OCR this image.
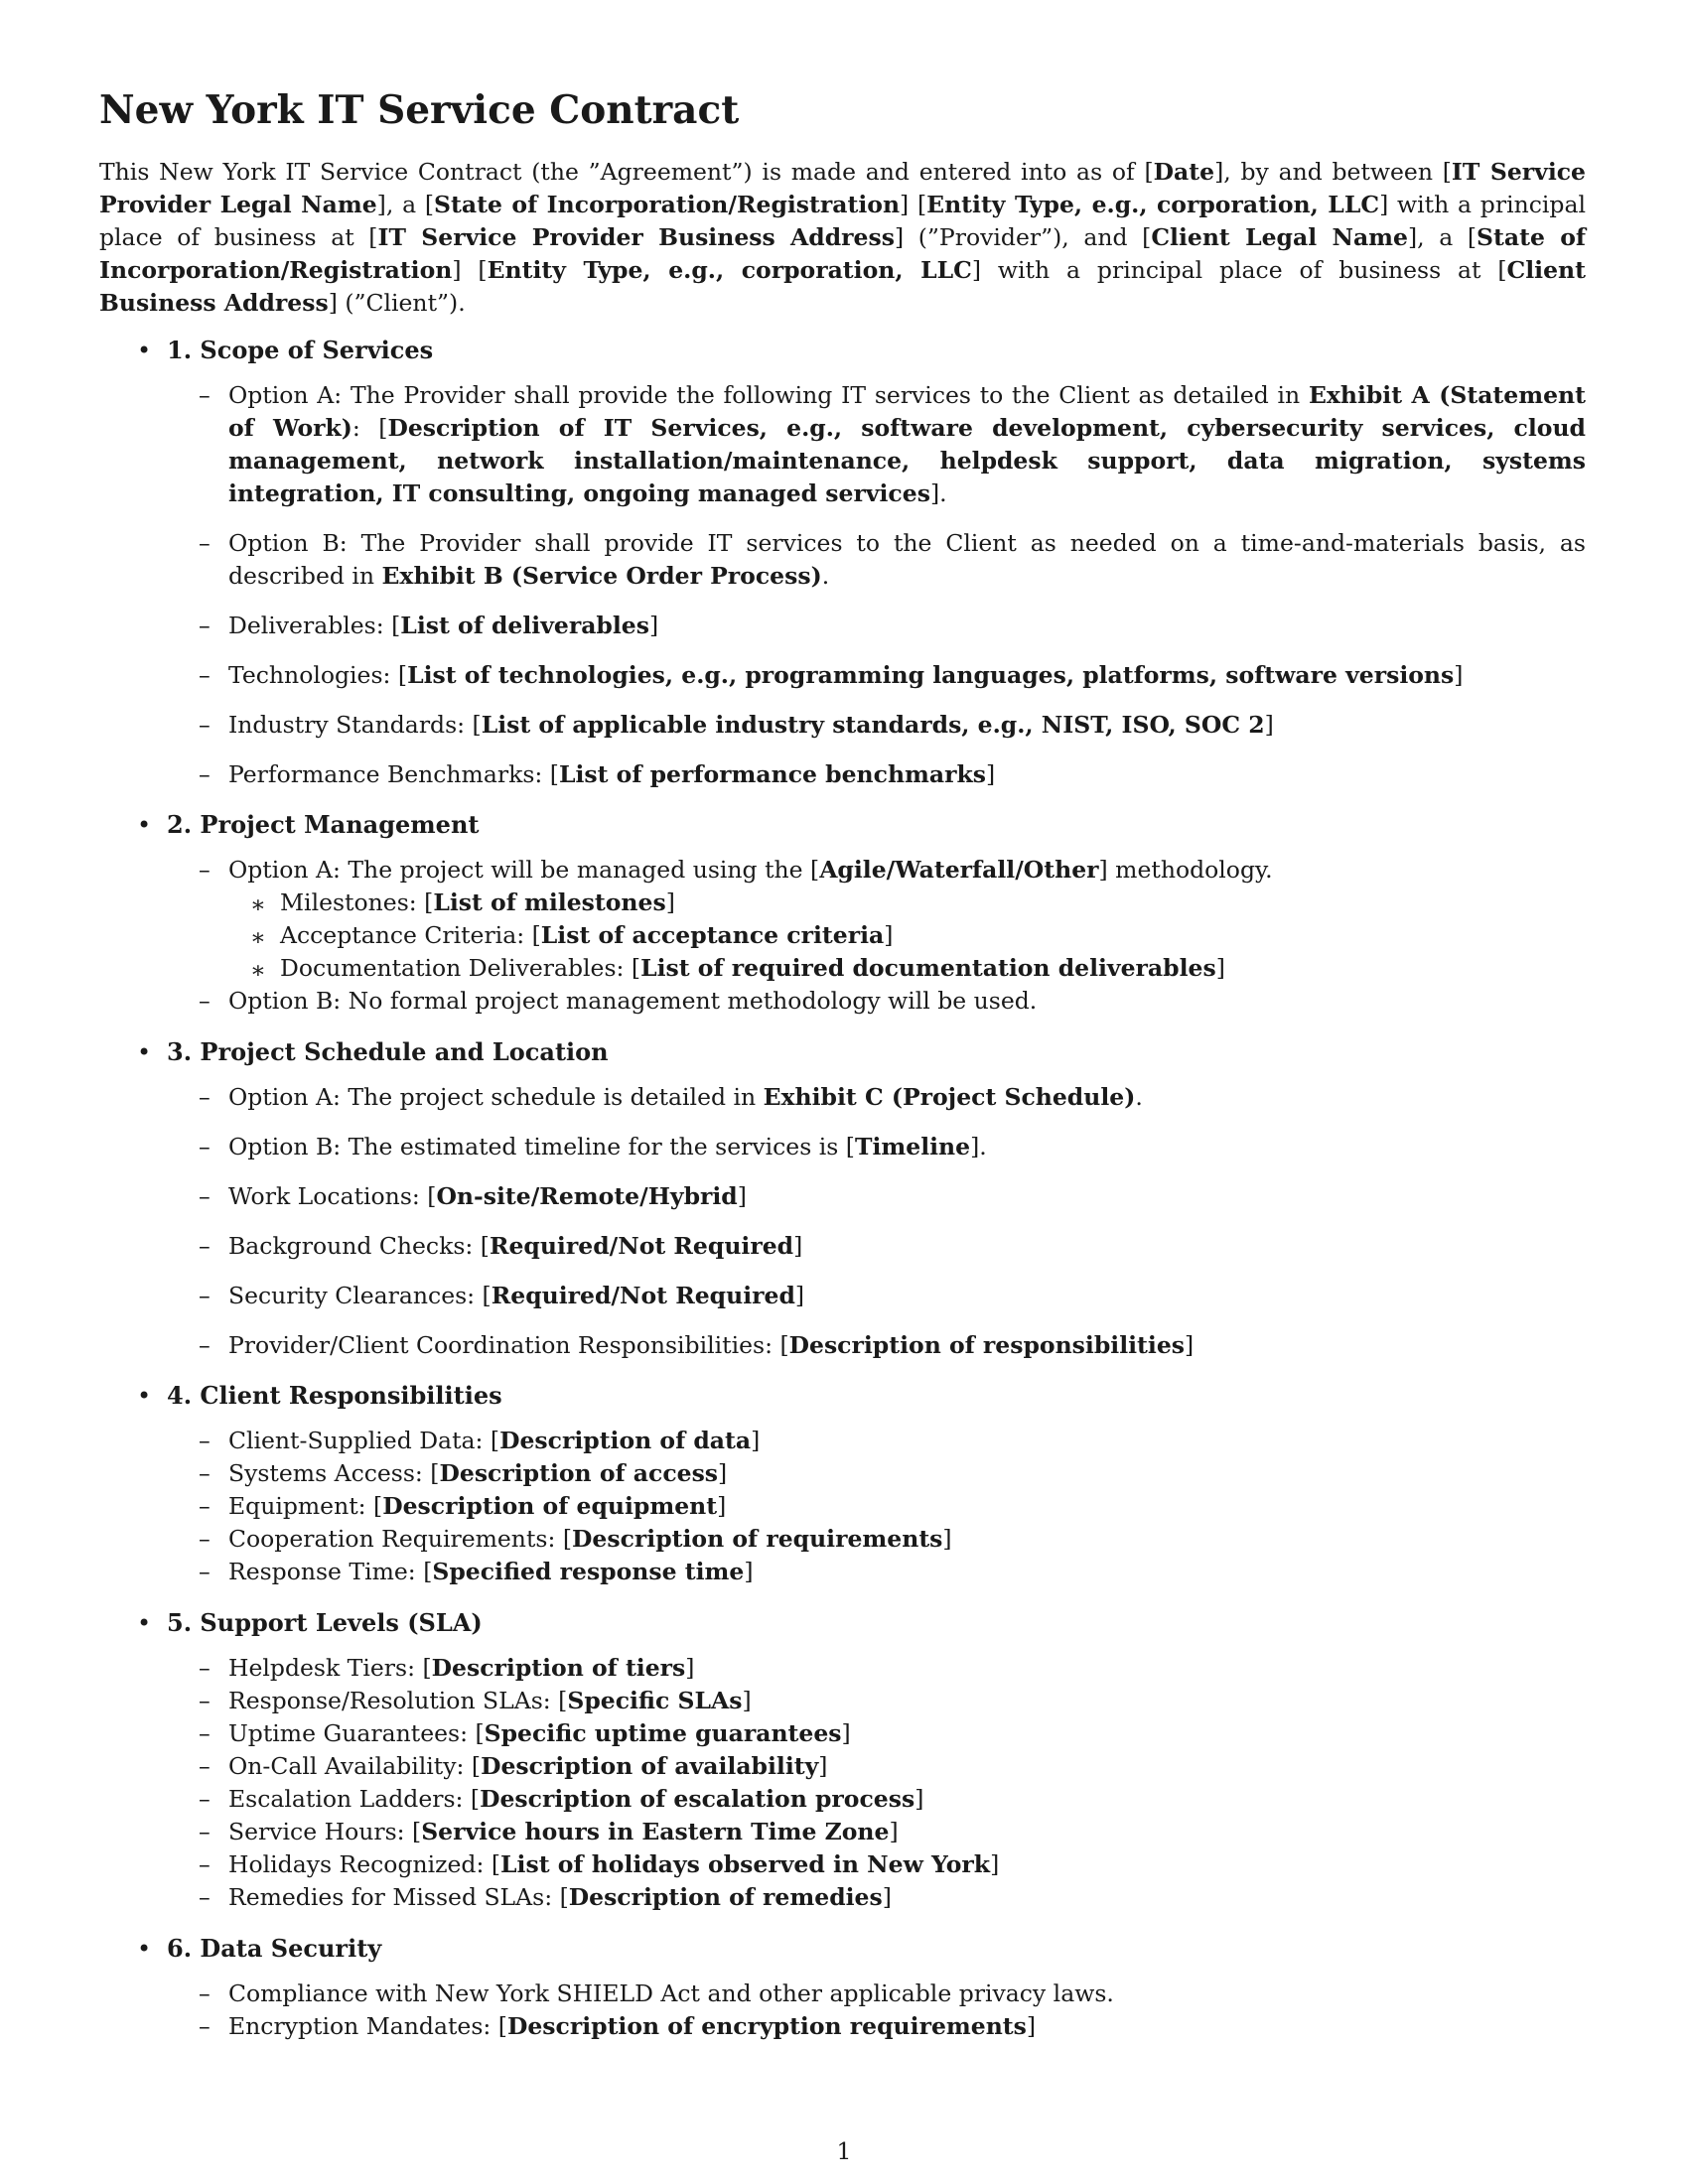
New York IT Service Contract

This New York IT Service Contract (the ”Agreement”) is made and entered into as of [Date], by and between [IT Service Provider Legal Name], a [State of Incorporation/Registration] [Entity Type, e.g., corporation, LLC] with a principal place of business at [IT Service Provider Business Address] (”Provider”), and [Client Legal Name], a [State of Incorporation/Registration] [Entity Type, e.g., corporation, LLC] with a principal place of business at [Client Business Address] (”Client”).

• 1. Scope of Services
– Option A: The Provider shall provide the following IT services to the Client as detailed in Exhibit A (Statement of Work): [Description of IT Services, e.g., software development, cybersecurity services, cloud management, network installation/maintenance, helpdesk support, data migration, systems integration, IT consulting, ongoing managed services].
– Option B: The Provider shall provide IT services to the Client as needed on a time-and-materials basis, as described in Exhibit B (Service Order Process).
– Deliverables: [List of deliverables]
– Technologies: [List of technologies, e.g., programming languages, platforms, software versions]
– Industry Standards: [List of applicable industry standards, e.g., NIST, ISO, SOC 2]
– Performance Benchmarks: [List of performance benchmarks]
• 2. Project Management
– Option A: The project will be managed using the [Agile/Waterfall/Other] methodology.
∗ Milestones: [List of milestones]
∗ Acceptance Criteria: [List of acceptance criteria]
∗ Documentation Deliverables: [List of required documentation deliverables]
– Option B: No formal project management methodology will be used.
• 3. Project Schedule and Location
– Option A: The project schedule is detailed in Exhibit C (Project Schedule).
– Option B: The estimated timeline for the services is [Timeline].
– Work Locations: [On-site/Remote/Hybrid]
– Background Checks: [Required/Not Required]
– Security Clearances: [Required/Not Required]
– Provider/Client Coordination Responsibilities: [Description of responsibilities]
• 4. Client Responsibilities
– Client-Supplied Data: [Description of data]
– Systems Access: [Description of access]
– Equipment: [Description of equipment]
– Cooperation Requirements: [Description of requirements]
– Response Time: [Specified response time]
• 5. Support Levels (SLA)
– Helpdesk Tiers: [Description of tiers]
– Response/Resolution SLAs: [Specific SLAs]
– Uptime Guarantees: [Specific uptime guarantees]
– On-Call Availability: [Description of availability]
– Escalation Ladders: [Description of escalation process]
– Service Hours: [Service hours in Eastern Time Zone]
– Holidays Recognized: [List of holidays observed in New York]
– Remedies for Missed SLAs: [Description of remedies]
• 6. Data Security
– Compliance with New York SHIELD Act and other applicable privacy laws.
– Encryption Mandates: [Description of encryption requirements]
1
